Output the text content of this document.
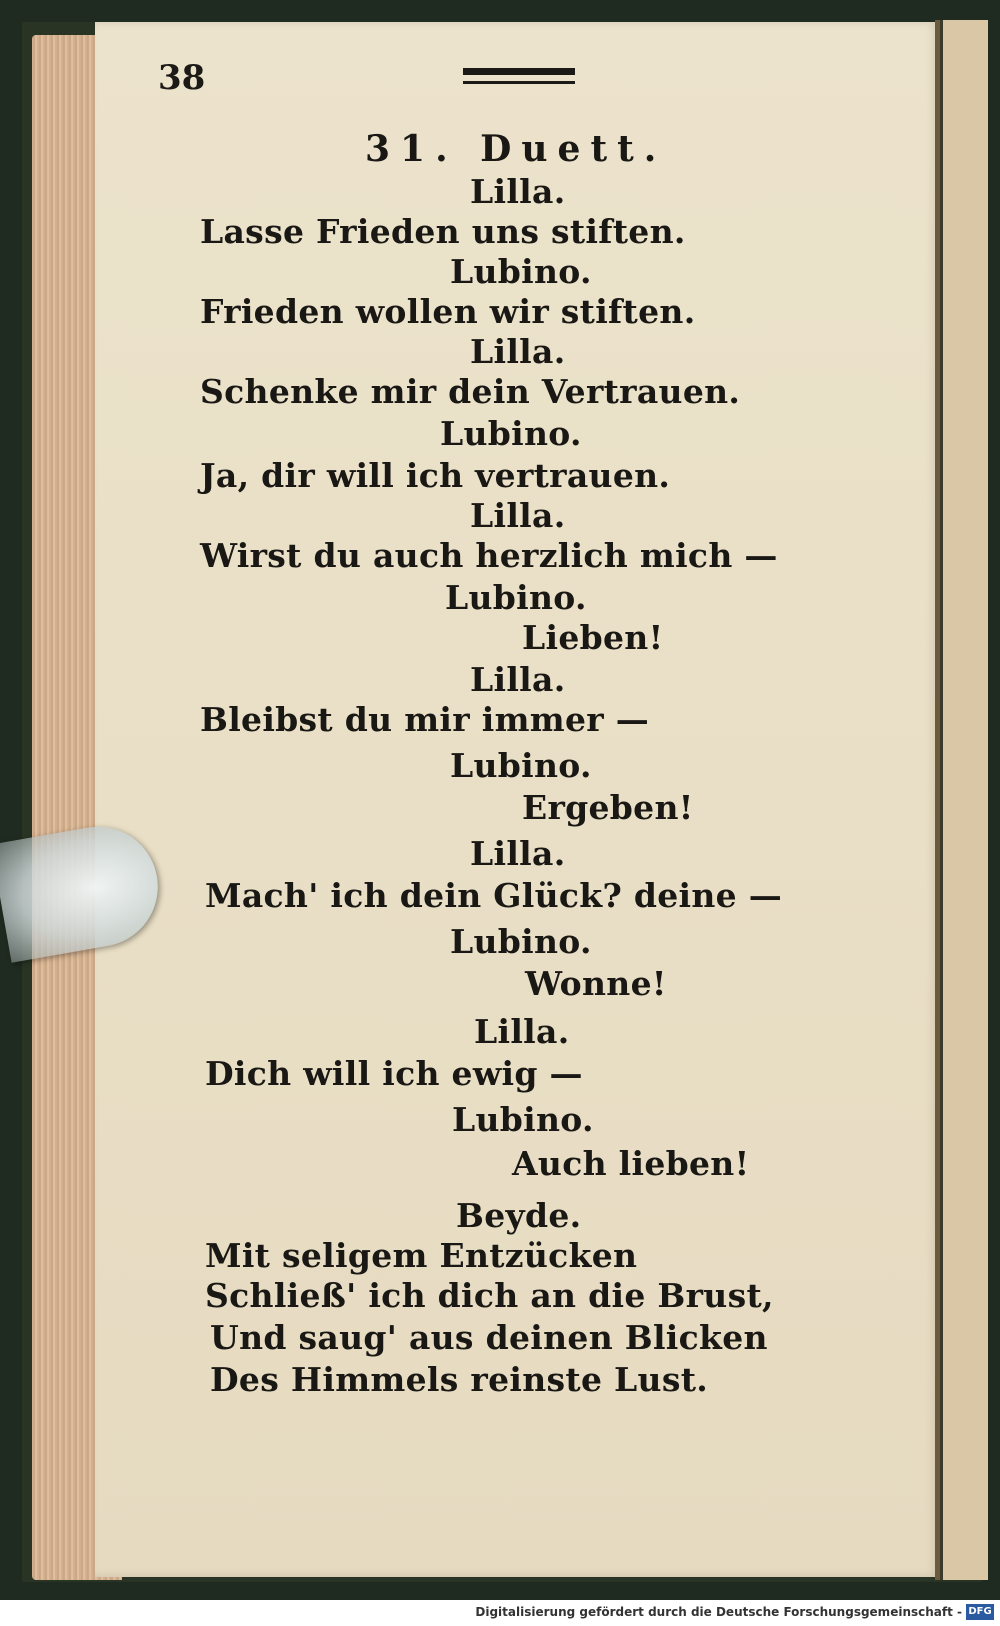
38
31. Duett.
Lilla.
Lasse Frieden uns stiften.
Lubino.
Frieden wollen wir stiften.
Lilla.
Schenke mir dein Vertrauen.
Lubino.
Ja, dir will ich vertrauen.
Lilla.
Wirst du auch herzlich mich —
Lubino.
Lieben!
Lilla.
Bleibst du mir immer —
Lubino.
Ergeben!
Lilla.
Mach' ich dein Glück? deine —
Lubino.
Wonne!
Lilla.
Dich will ich ewig —
Lubino.
Auch lieben!
Beyde.
Mit seligem Entzücken
Schließ' ich dich an die Brust,
Und saug' aus deinen Blicken
Des Himmels reinste Lust.
Digitalisierung gefördert durch die Deutsche Forschungsgemeinschaft - DFG
